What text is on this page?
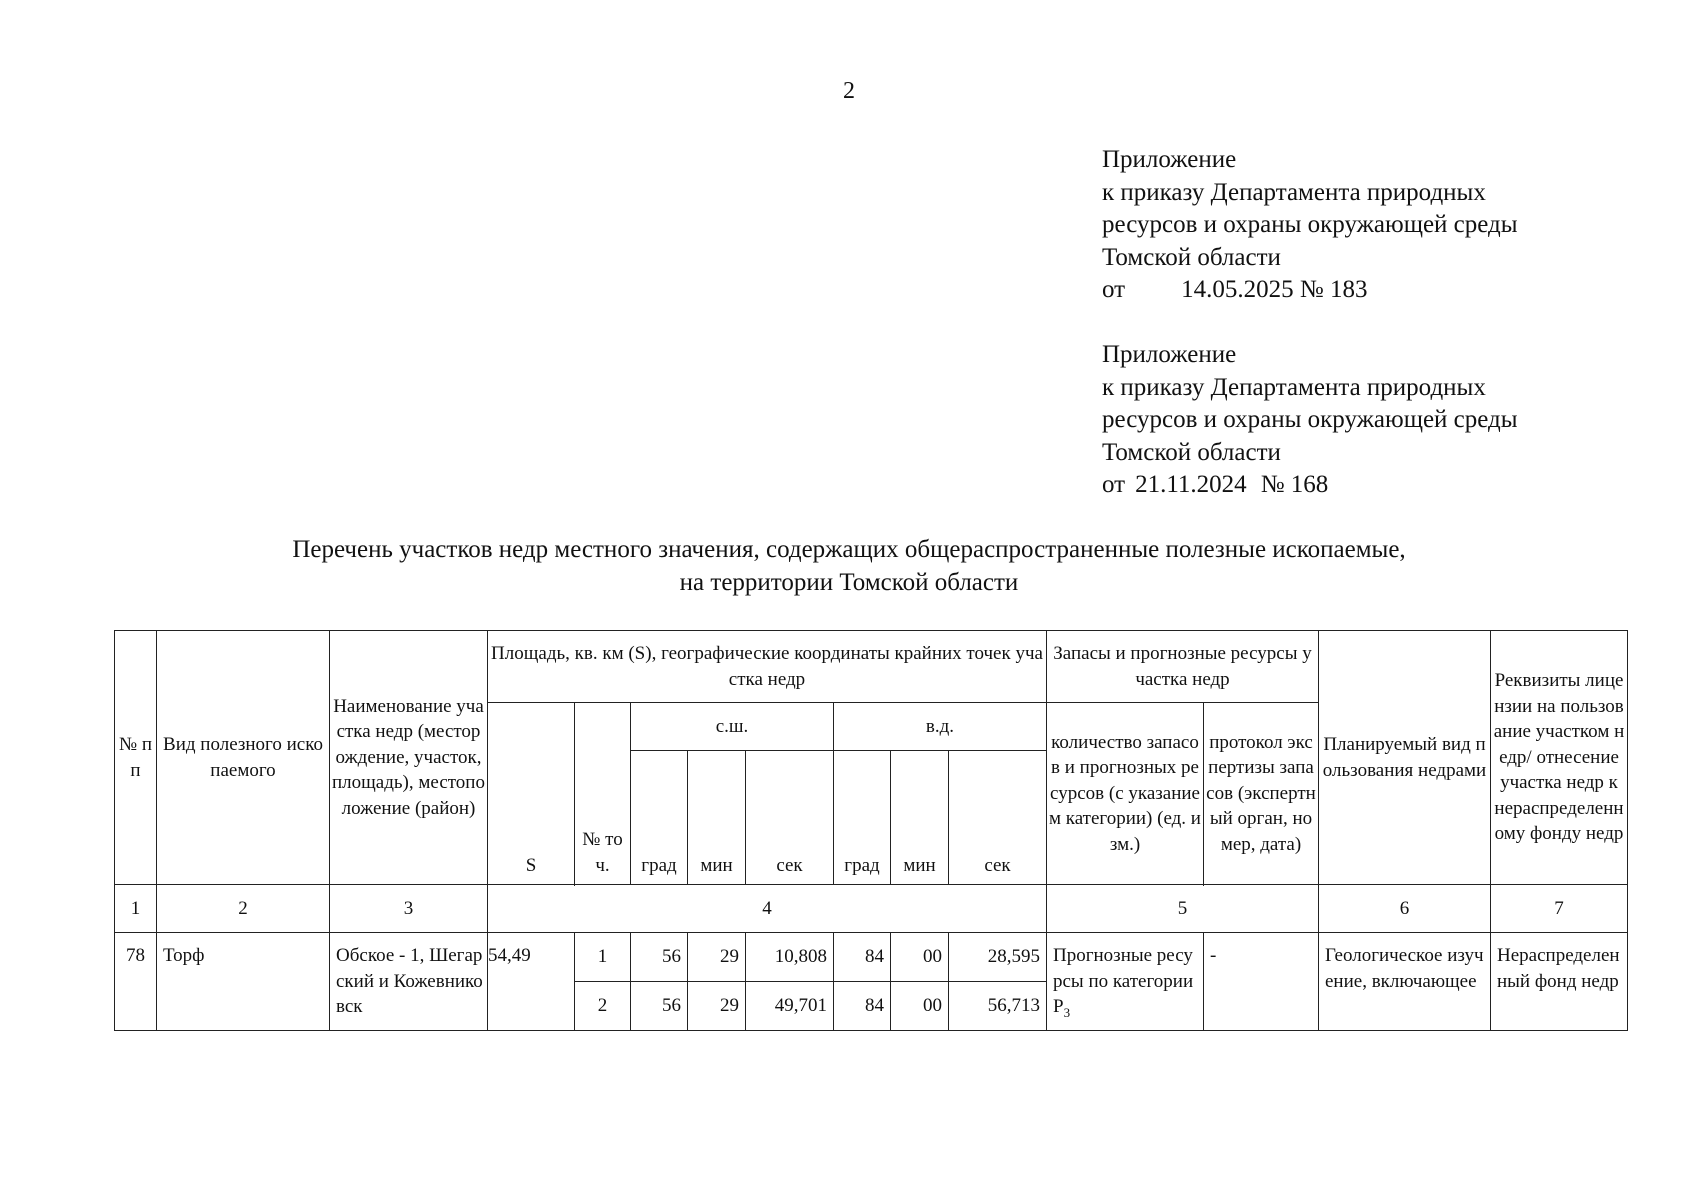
2
Приложение
к приказу Департамента природных
ресурсов и охраны окружающей среды
Томской области
от 14.05.2025 № 183
Приложение
к приказу Департамента природных
ресурсов и охраны окружающей среды
Томской области
от 21.11.2024 № 168
Перечень участков недр местного значения, содержащих общераспространенные полезные ископаемые,
на территории Томской области
№ пп	Вид полезного ископаемого	Наименование участка недр (месторождение, участок, площадь), местоположение (район)	Площадь, кв. км (S), географические координаты крайних точек участка недр								Запасы и прогнозные ресурсы участка недр		Планируемый вид пользования недрами	Реквизиты лицензии на пользование участком недр/ отнесение участка недр к нераспределенному фонду недр
			S	№ точ.	с.ш.			в.д.			количество запасов и прогнозных ресурсов (с указанием категории) (ед. изм.)	протокол экспертизы запасов (экспертный орган, номер, дата)		
					град	мин	сек	град	мин	сек				

1	2	3	4								5		6	7
78	Торф	Обское - 1, Шегарский и Кожевниковск	54,49	1	56	29	10,808	84	00	28,595	Прогнозные ресурсы по категории $P_3$	-	Геологическое изучение, включающее	Нераспределенный фонд недр
				2	56	29	49,701	84	00	56,713				
